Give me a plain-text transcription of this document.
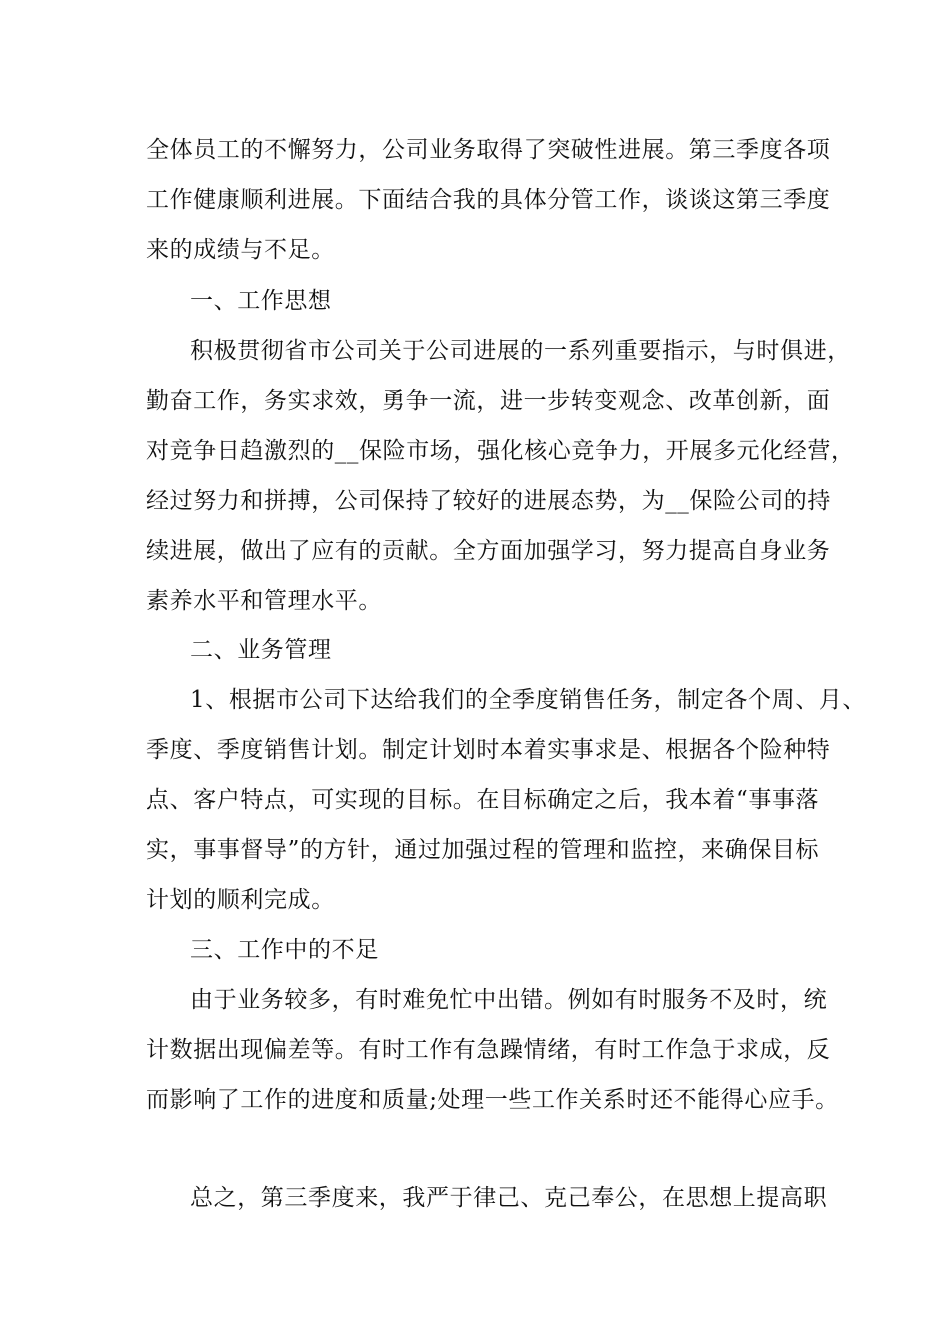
全体员工的不懈努力，公司业务取得了突破性进展。第三季度各项

工作健康顺利进展。下面结合我的具体分管工作，谈谈这第三季度

来的成绩与不足。

一、工作思想

积极贯彻省市公司关于公司进展的一系列重要指示，与时俱进，

勤奋工作，务实求效，勇争一流，进一步转变观念、改革创新，面

对竞争日趋激烈的__保险市场，强化核心竞争力，开展多元化经营，

经过努力和拼搏，公司保持了较好的进展态势，为__保险公司的持

续进展，做出了应有的贡献。全方面加强学习，努力提高自身业务

素养水平和管理水平。

二、业务管理

1、根据市公司下达给我们的全季度销售任务，制定各个周、月、

季度、季度销售计划。制定计划时本着实事求是、根据各个险种特

点、客户特点，可实现的目标。在目标确定之后，我本着“事事落

实，事事督导”的方针，通过加强过程的管理和监控，来确保目标

计划的顺利完成。

三、工作中的不足

由于业务较多，有时难免忙中出错。例如有时服务不及时，统

计数据出现偏差等。有时工作有急躁情绪，有时工作急于求成，反

而影响了工作的进度和质量;处理一些工作关系时还不能得心应手。

总之，第三季度来，我严于律己、克己奉公，在思想上提高职
